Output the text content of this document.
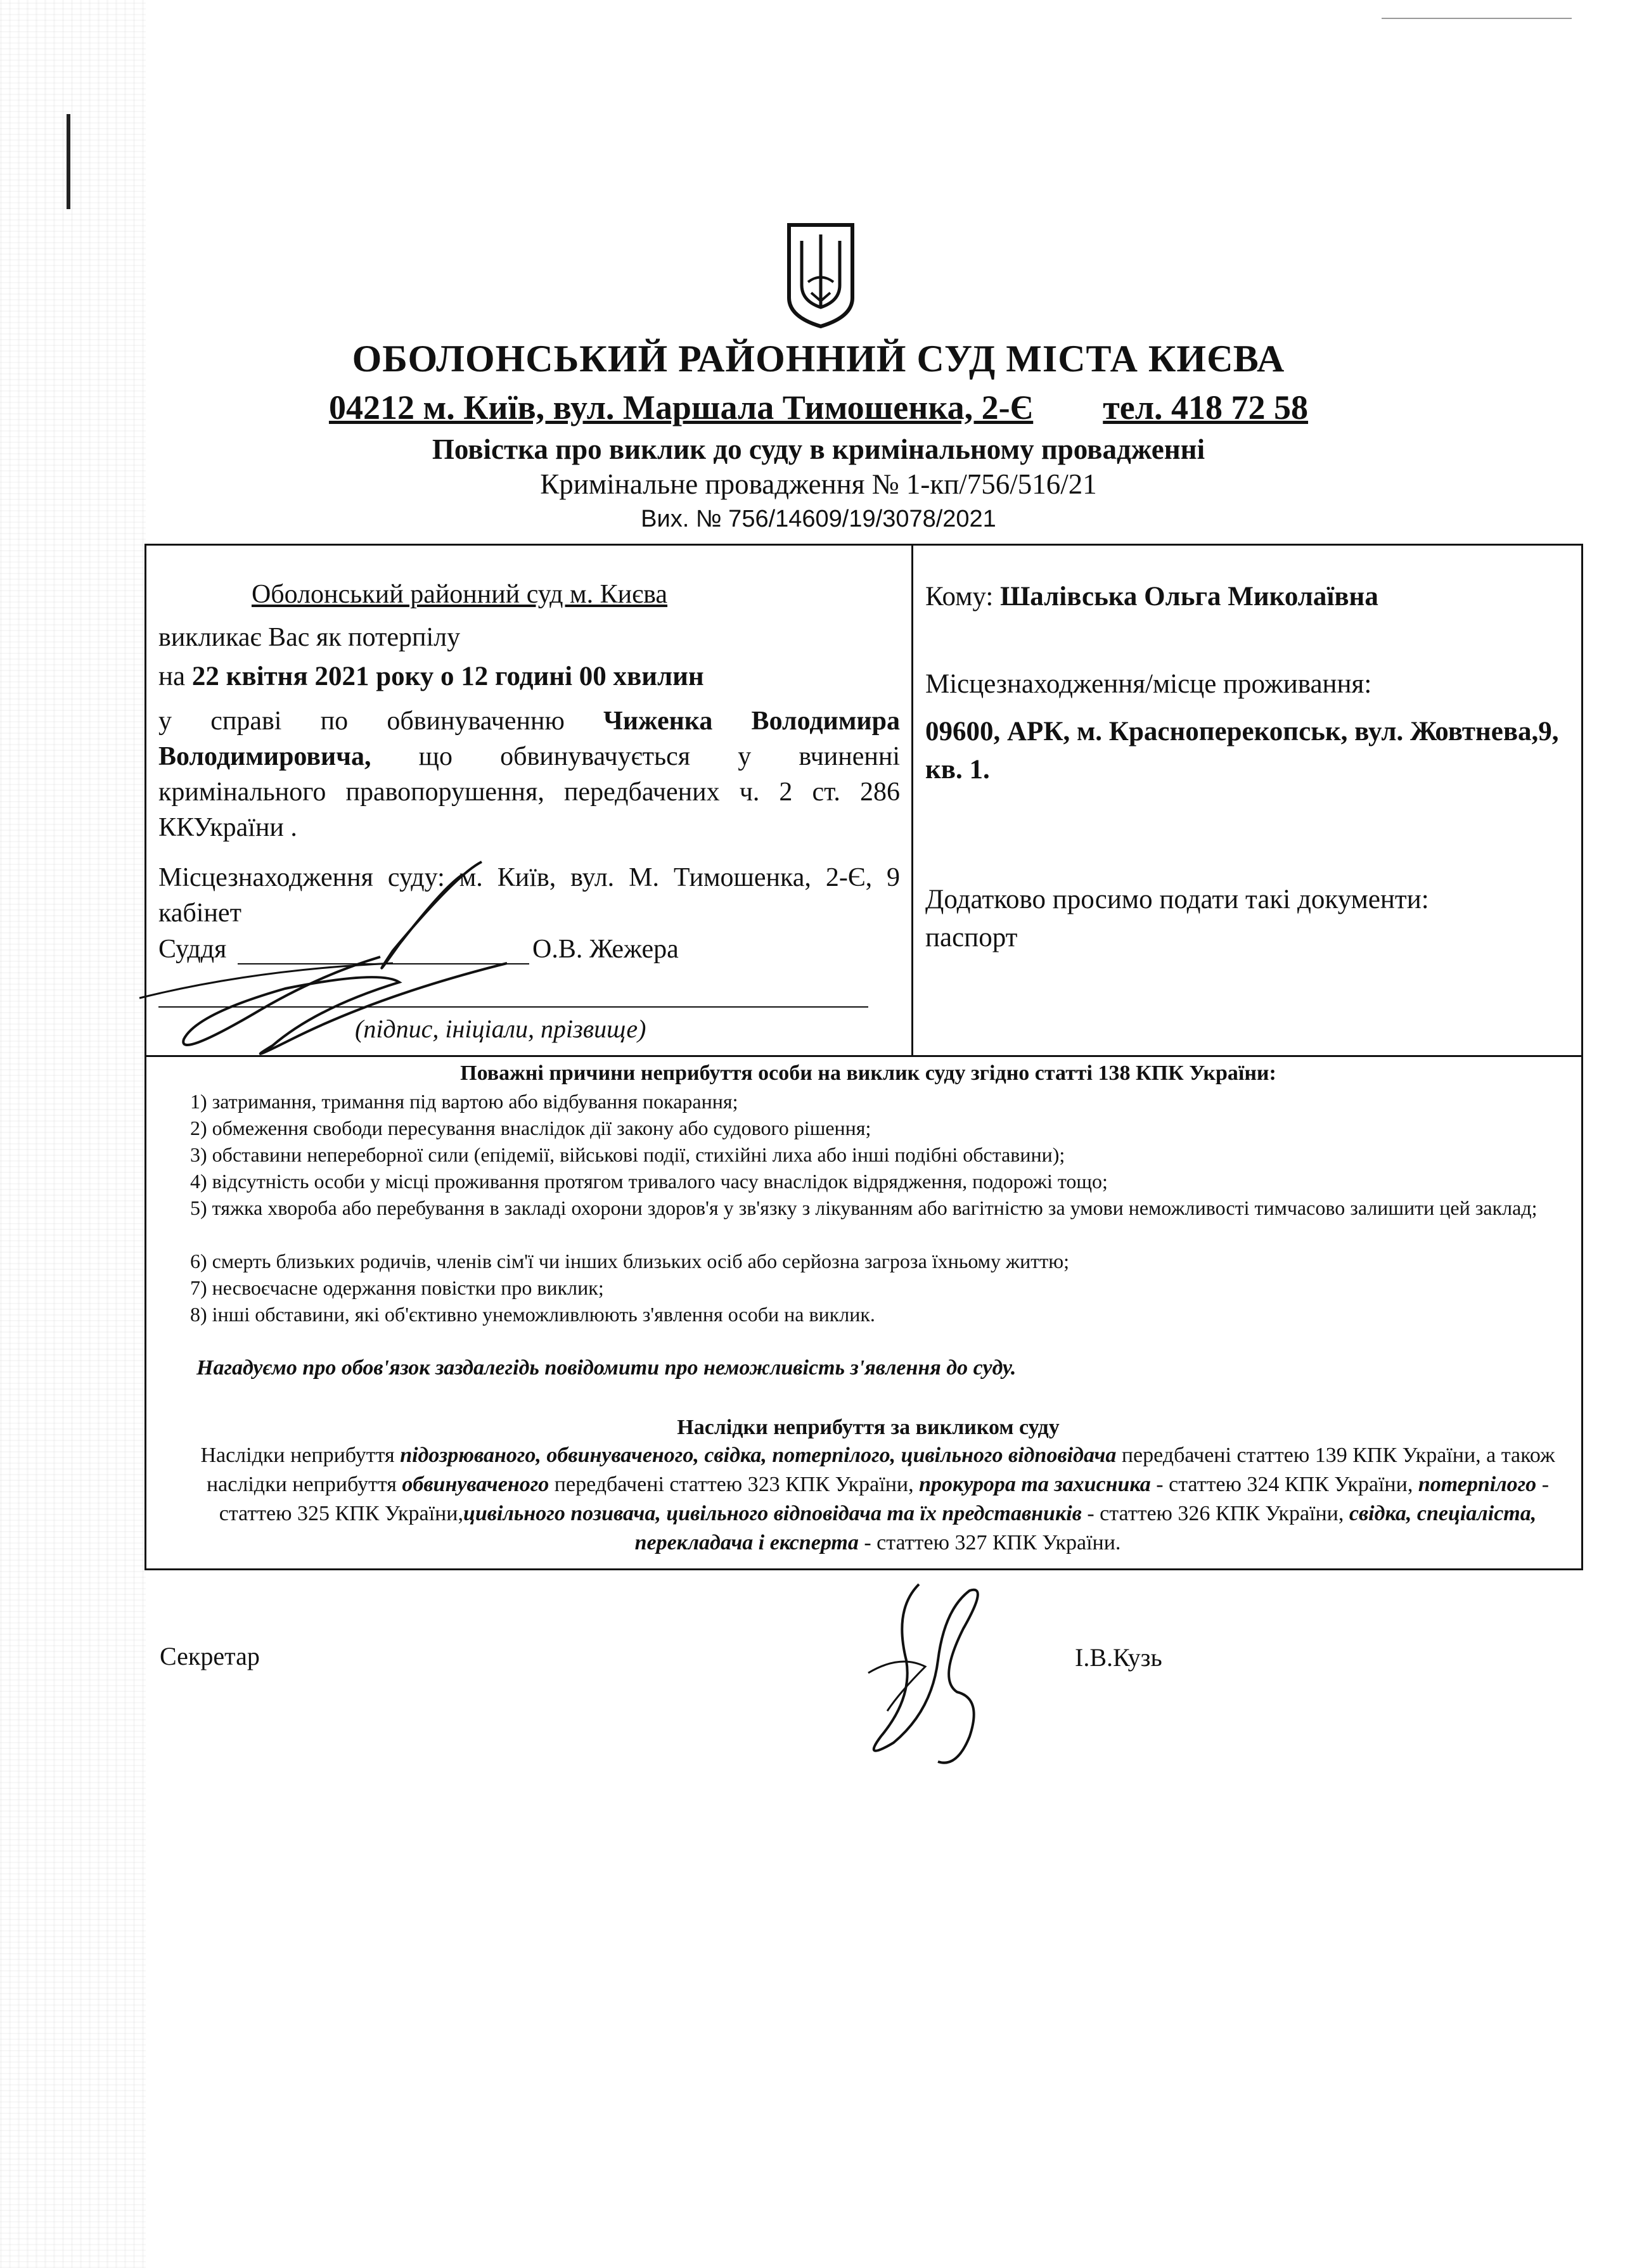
ОБОЛОНСЬКИЙ РАЙОННИЙ СУД МІСТА КИЄВА
04212 м. Київ, вул. Маршала Тимошенка, 2-Є тел. 418 72 58
Повістка про виклик до суду в кримінальному провадженні
Кримінальне провадження № 1-кп/756/516/21
Вих. № 756/14609/19/3078/2021
Оболонський районний суд м. Києва
викликає Вас як потерпілу
на 22 квітня 2021 року о 12 годині 00 хвилин
у справі по обвинуваченню Чиженка Володимира Володимировича, що обвинувачується у вчиненні кримінального правопорушення, передбачених ч. 2 ст. 286 ККУкраїни .
Місцезнаходження суду: м. Київ, вул. М. Тимошенка, 2-Є, 9 кабінет
Суддя	О.В. Жежера
(підпис, ініціали, прізвище)
Кому: Шалівська Ольга Миколаївна
Місцезнаходження/місце проживання:
09600, АРК, м. Красноперекопськ, вул. Жовтнева,9, кв. 1.
Додатково просимо подати такі документи:
паспорт
Поважні причини неприбуття особи на виклик суду згідно статті 138 КПК України:
1) затримання, тримання під вартою або відбування покарання;
2) обмеження свободи пересування внаслідок дії закону або судового рішення;
3) обставини непереборної сили (епідемії, військові події, стихійні лиха або інші подібні обставини);
4) відсутність особи у місці проживання протягом тривалого часу внаслідок відрядження, подорожі тощо;
5) тяжка хвороба або перебування в закладі охорони здоров'я у зв'язку з лікуванням або вагітністю за умови неможливості тимчасово залишити цей заклад;
6) смерть близьких родичів, членів сім'ї чи інших близьких осіб або серйозна загроза їхньому життю;
7) несвоєчасне одержання повістки про виклик;
8) інші обставини, які об'єктивно унеможливлюють з'явлення особи на виклик.
Нагадуємо про обов'язок заздалегідь повідомити про неможливість з'явлення до суду.
Наслідки неприбуття за викликом суду
Наслідки неприбуття підозрюваного, обвинуваченого, свідка, потерпілого, цивільного відповідача передбачені статтею 139 КПК України, а також наслідки неприбуття обвинуваченого передбачені статтею 323 КПК України, прокурора та захисника - статтею 324 КПК України, потерпілого - статтею 325 КПК України,цивільного позивача, цивільного відповідача та їх представників - статтею 326 КПК України, свідка, спеціаліста, перекладача і експерта - статтею 327 КПК України.
Секретар	І.В.Кузь
